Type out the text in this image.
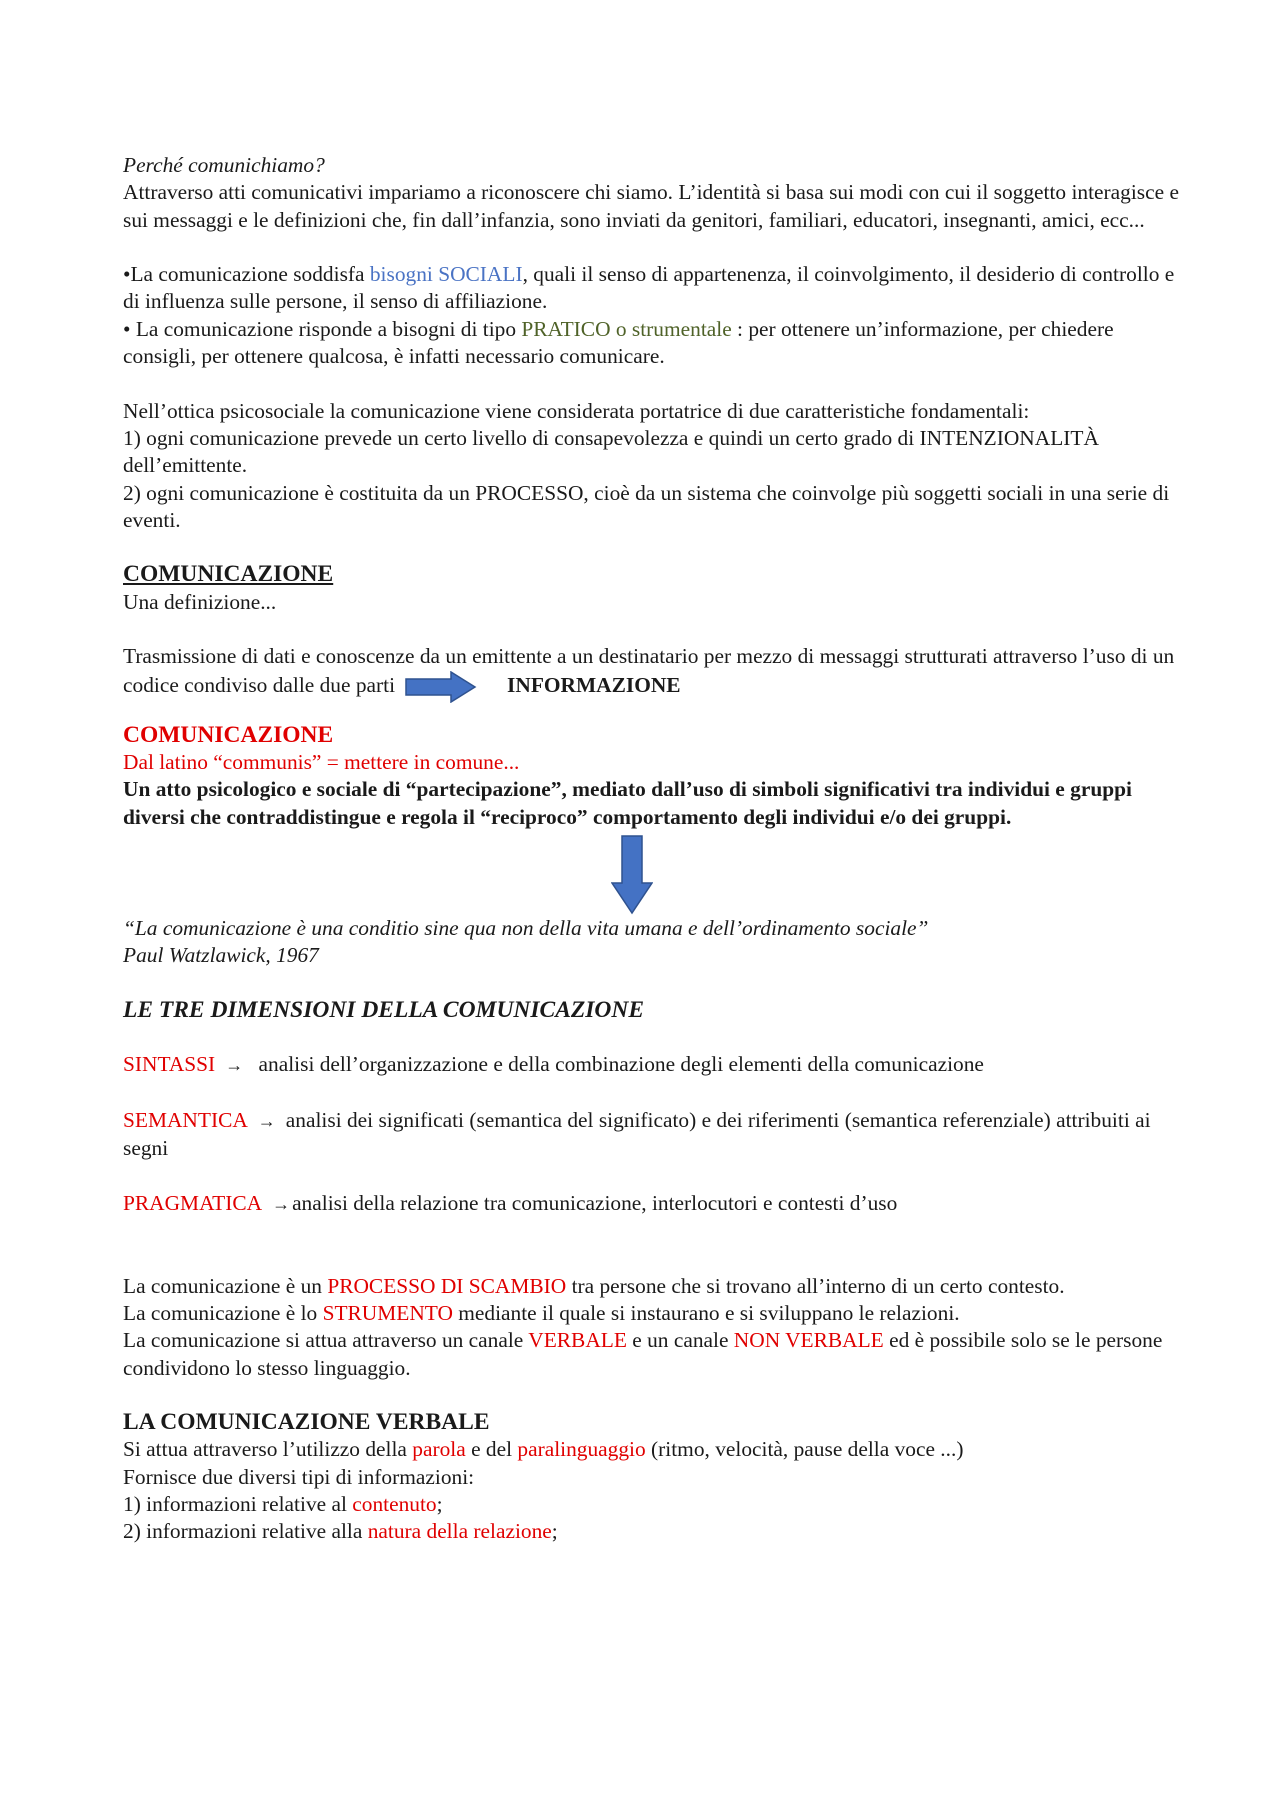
Perché comunichiamo?

Attraverso atti comunicativi impariamo a riconoscere chi siamo. L’identità si basa sui modi con cui il soggetto interagisce e sui messaggi e le definizioni che, fin dall’infanzia, sono inviati da genitori, familiari, educatori, insegnanti, amici, ecc...

•La comunicazione soddisfa bisogni SOCIALI, quali il senso di appartenenza, il coinvolgimento, il desiderio di controllo e di influenza sulle persone, il senso di affiliazione.

• La comunicazione risponde a bisogni di tipo PRATICO o strumentale : per ottenere un’informazione, per chiedere consigli, per ottenere qualcosa, è infatti necessario comunicare.

Nell’ottica psicosociale la comunicazione viene considerata portatrice di due caratteristiche fondamentali:

1) ogni comunicazione prevede un certo livello di consapevolezza e quindi un certo grado di INTENZIONALITÀ dell’emittente.

2) ogni comunicazione è costituita da un PROCESSO, cioè da un sistema che coinvolge più soggetti sociali in una serie di eventi.

COMUNICAZIONE

Una definizione...

Trasmissione di dati e conoscenze da un emittente a un destinatario per mezzo di messaggi strutturati attraverso l’uso di un codice condiviso dalle due parti	INFORMAZIONE

COMUNICAZIONE

Dal latino “communis” = mettere in comune...

Un atto psicologico e sociale di “partecipazione”, mediato dall’uso di simboli significativi tra individui e gruppi diversi che contraddistingue e regola il “reciproco” comportamento degli individui e/o dei gruppi.

“La comunicazione è una conditio sine qua non della vita umana e dell’ordinamento sociale”

Paul Watzlawick, 1967

LE TRE DIMENSIONI DELLA COMUNICAZIONE

SINTASSI → analisi dell’organizzazione e della combinazione degli elementi della comunicazione

SEMANTICA → analisi dei significati (semantica del significato) e dei riferimenti (semantica referenziale) attribuiti ai segni

PRAGMATICA →analisi della relazione tra comunicazione, interlocutori e contesti d’uso

La comunicazione è un PROCESSO DI SCAMBIO tra persone che si trovano all’interno di un certo contesto.

La comunicazione è lo STRUMENTO mediante il quale si instaurano e si sviluppano le relazioni.

La comunicazione si attua attraverso un canale VERBALE e un canale NON VERBALE ed è possibile solo se le persone condividono lo stesso linguaggio.

LA COMUNICAZIONE VERBALE

Si attua attraverso l’utilizzo della parola e del paralinguaggio (ritmo, velocità, pause della voce ...)

Fornisce due diversi tipi di informazioni:

1) informazioni relative al contenuto;

2) informazioni relative alla natura della relazione;
